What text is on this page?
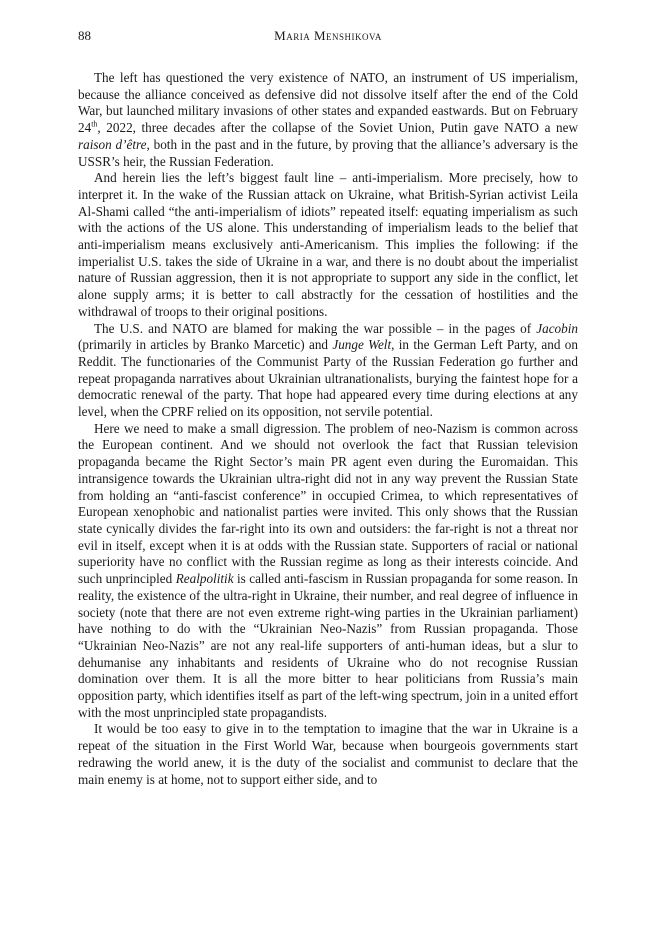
88	Maria Menshikova

The left has questioned the very existence of NATO, an instrument of US imperialism, because the alliance conceived as defensive did not dissolve itself after the end of the Cold War, but launched military invasions of other states and expanded eastwards. But on February 24th, 2022, three decades after the collapse of the Soviet Union, Putin gave NATO a new raison d’être, both in the past and in the future, by proving that the alliance’s adversary is the USSR’s heir, the Russian Federation.

And herein lies the left’s biggest fault line – anti-imperialism. More precisely, how to interpret it. In the wake of the Russian attack on Ukraine, what British-Syrian activist Leila Al-Shami called “the anti-imperialism of idiots” repeated itself: equating imperialism as such with the actions of the US alone. This understanding of imperialism leads to the belief that anti-imperialism means exclusively anti-Americanism. This implies the following: if the imperialist U.S. takes the side of Ukraine in a war, and there is no doubt about the imperialist nature of Russian aggression, then it is not appropriate to support any side in the conflict, let alone supply arms; it is better to call abstractly for the cessation of hostilities and the withdrawal of troops to their original positions.

The U.S. and NATO are blamed for making the war possible – in the pages of Jacobin (primarily in articles by Branko Marcetic) and Junge Welt, in the German Left Party, and on Reddit. The functionaries of the Communist Party of the Russian Federation go further and repeat propaganda narratives about Ukrainian ultranationalists, burying the faintest hope for a democratic renewal of the party. That hope had appeared every time during elections at any level, when the CPRF relied on its opposition, not servile potential.

Here we need to make a small digression. The problem of neo-Nazism is common across the European continent. And we should not overlook the fact that Russian television propaganda became the Right Sector’s main PR agent even during the Euromaidan. This intransigence towards the Ukrainian ultra-right did not in any way prevent the Russian State from holding an “anti-fascist conference” in occupied Crimea, to which representatives of European xenophobic and nationalist parties were invited. This only shows that the Russian state cynically divides the far-right into its own and outsiders: the far-right is not a threat nor evil in itself, except when it is at odds with the Russian state. Supporters of racial or national superiority have no conflict with the Russian regime as long as their interests coincide. And such unprincipled Realpolitik is called anti-fascism in Russian propaganda for some reason. In reality, the existence of the ultra-right in Ukraine, their number, and real degree of influence in society (note that there are not even extreme right-wing parties in the Ukrainian parliament) have nothing to do with the “Ukrainian Neo-Nazis” from Russian propaganda. Those “Ukrainian Neo-Nazis” are not any real-life supporters of anti-human ideas, but a slur to dehumanise any inhabitants and residents of Ukraine who do not recognise Russian domination over them. It is all the more bitter to hear politicians from Russia’s main opposition party, which identifies itself as part of the left-wing spectrum, join in a united effort with the most unprincipled state propagandists.

It would be too easy to give in to the temptation to imagine that the war in Ukraine is a repeat of the situation in the First World War, because when bourgeois governments start redrawing the world anew, it is the duty of the socialist and communist to declare that the main enemy is at home, not to support either side, and to
